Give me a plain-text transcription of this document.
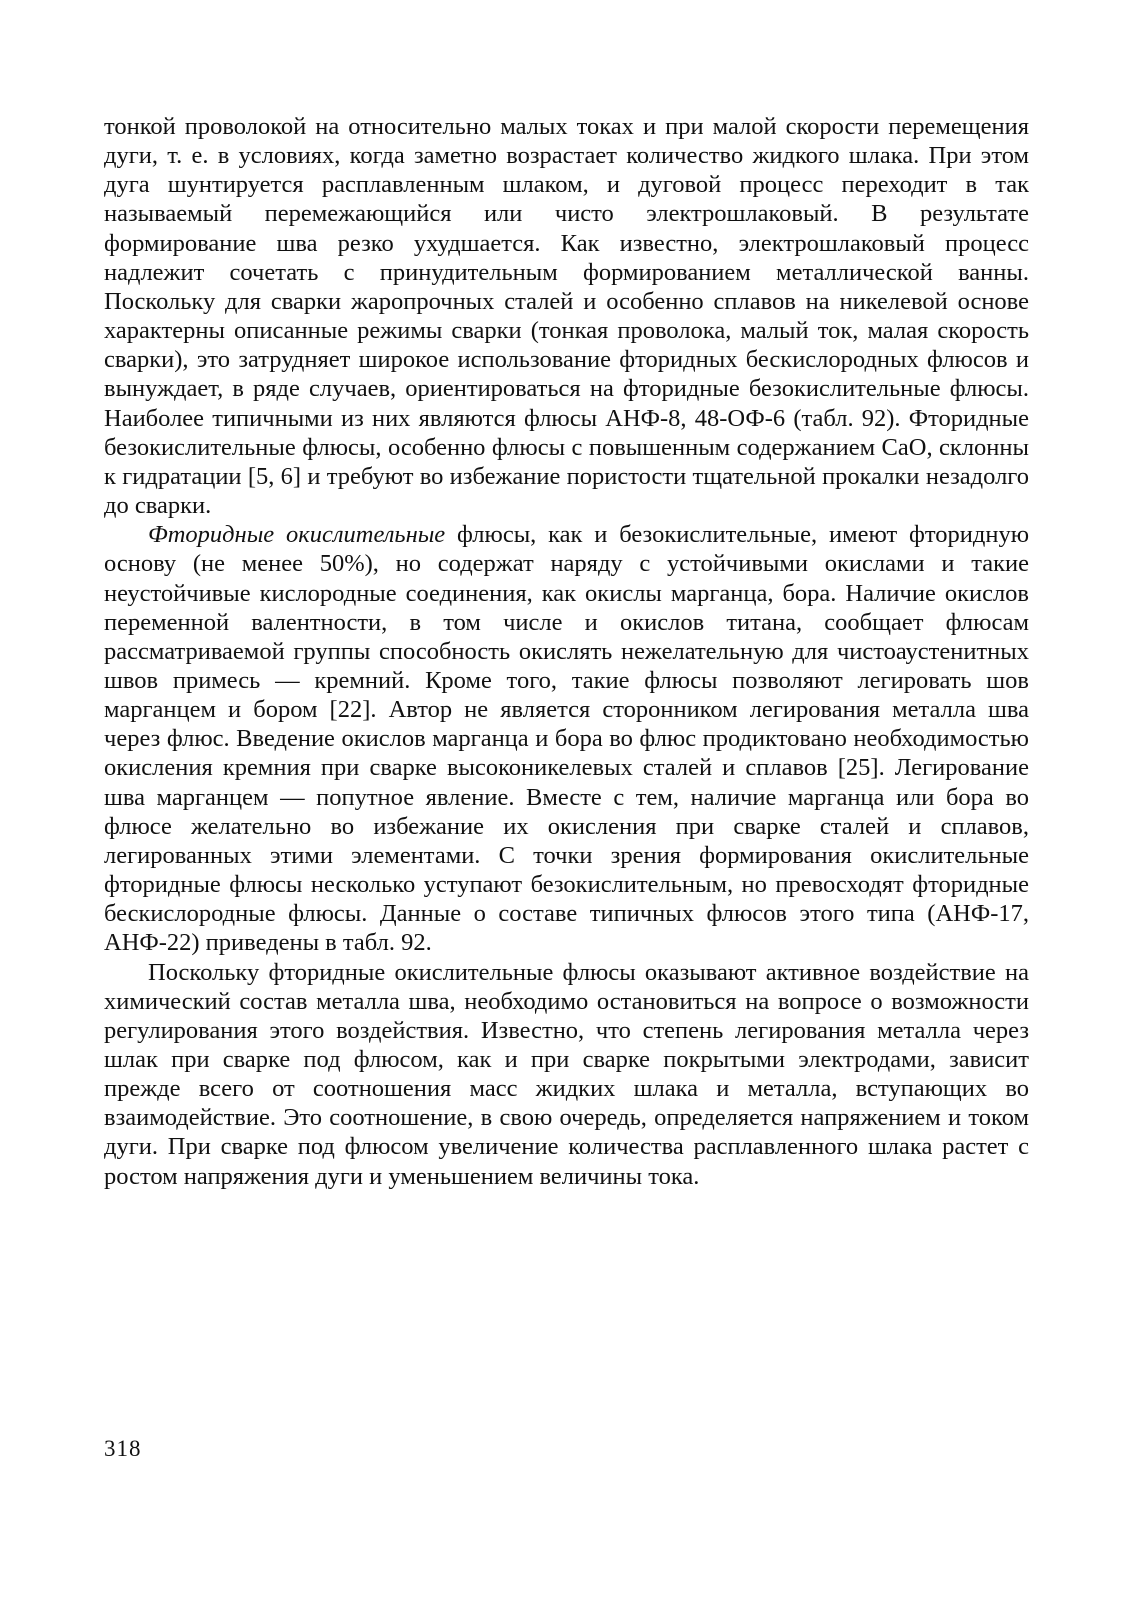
тонкой проволокой на относительно малых токах и при малой скорости перемещения дуги, т. е. в условиях, когда заметно возрастает количество жидкого шлака. При этом дуга шунтируется расплавленным шлаком, и дуговой процесс переходит в так называемый перемежающийся или чисто электрошлаковый. В результате формирование шва резко ухудшается. Как известно, электрошлаковый процесс надлежит сочетать с принудительным формированием металлической ванны. Поскольку для сварки жаропрочных сталей и особенно сплавов на никелевой основе характерны описанные режимы сварки (тонкая проволока, малый ток, малая скорость сварки), это затрудняет широкое использование фторидных бескислородных флюсов и вынуждает, в ряде случаев, ориентироваться на фторидные безокислительные флюсы. Наиболее типичными из них являются флюсы АНФ-8, 48-ОФ-6 (табл. 92). Фторидные безокислительные флюсы, особенно флюсы с повышенным содержанием CaO, склонны к гидратации [5, 6] и требуют во избежание пористости тщательной прокалки незадолго до сварки.

Фторидные окислительные флюсы, как и безокислительные, имеют фторидную основу (не менее 50%), но содержат наряду с устойчивыми окислами и такие неустойчивые кислородные соединения, как окислы марганца, бора. Наличие окислов переменной валентности, в том числе и окислов титана, сообщает флюсам рассматриваемой группы способность окислять нежелательную для чистоаустенитных швов примесь — кремний. Кроме того, такие флюсы позволяют легировать шов марганцем и бором [22]. Автор не является сторонником легирования металла шва через флюс. Введение окислов марганца и бора во флюс продиктовано необходимостью окисления кремния при сварке высоконикелевых сталей и сплавов [25]. Легирование шва марганцем — попутное явление. Вместе с тем, наличие марганца или бора во флюсе желательно во избежание их окисления при сварке сталей и сплавов, легированных этими элементами. С точки зрения формирования окислительные фторидные флюсы несколько уступают безокислительным, но превосходят фторидные бескислородные флюсы. Данные о составе типичных флюсов этого типа (АНФ-17, АНФ-22) приведены в табл. 92.

Поскольку фторидные окислительные флюсы оказывают активное воздействие на химический состав металла шва, необходимо остановиться на вопросе о возможности регулирования этого воздействия. Известно, что степень легирования металла через шлак при сварке под флюсом, как и при сварке покрытыми электродами, зависит прежде всего от соотношения масс жидких шлака и металла, вступающих во взаимодействие. Это соотношение, в свою очередь, определяется напряжением и током дуги. При сварке под флюсом увеличение количества расплавленного шлака растет с ростом напряжения дуги и уменьшением величины тока.

318
